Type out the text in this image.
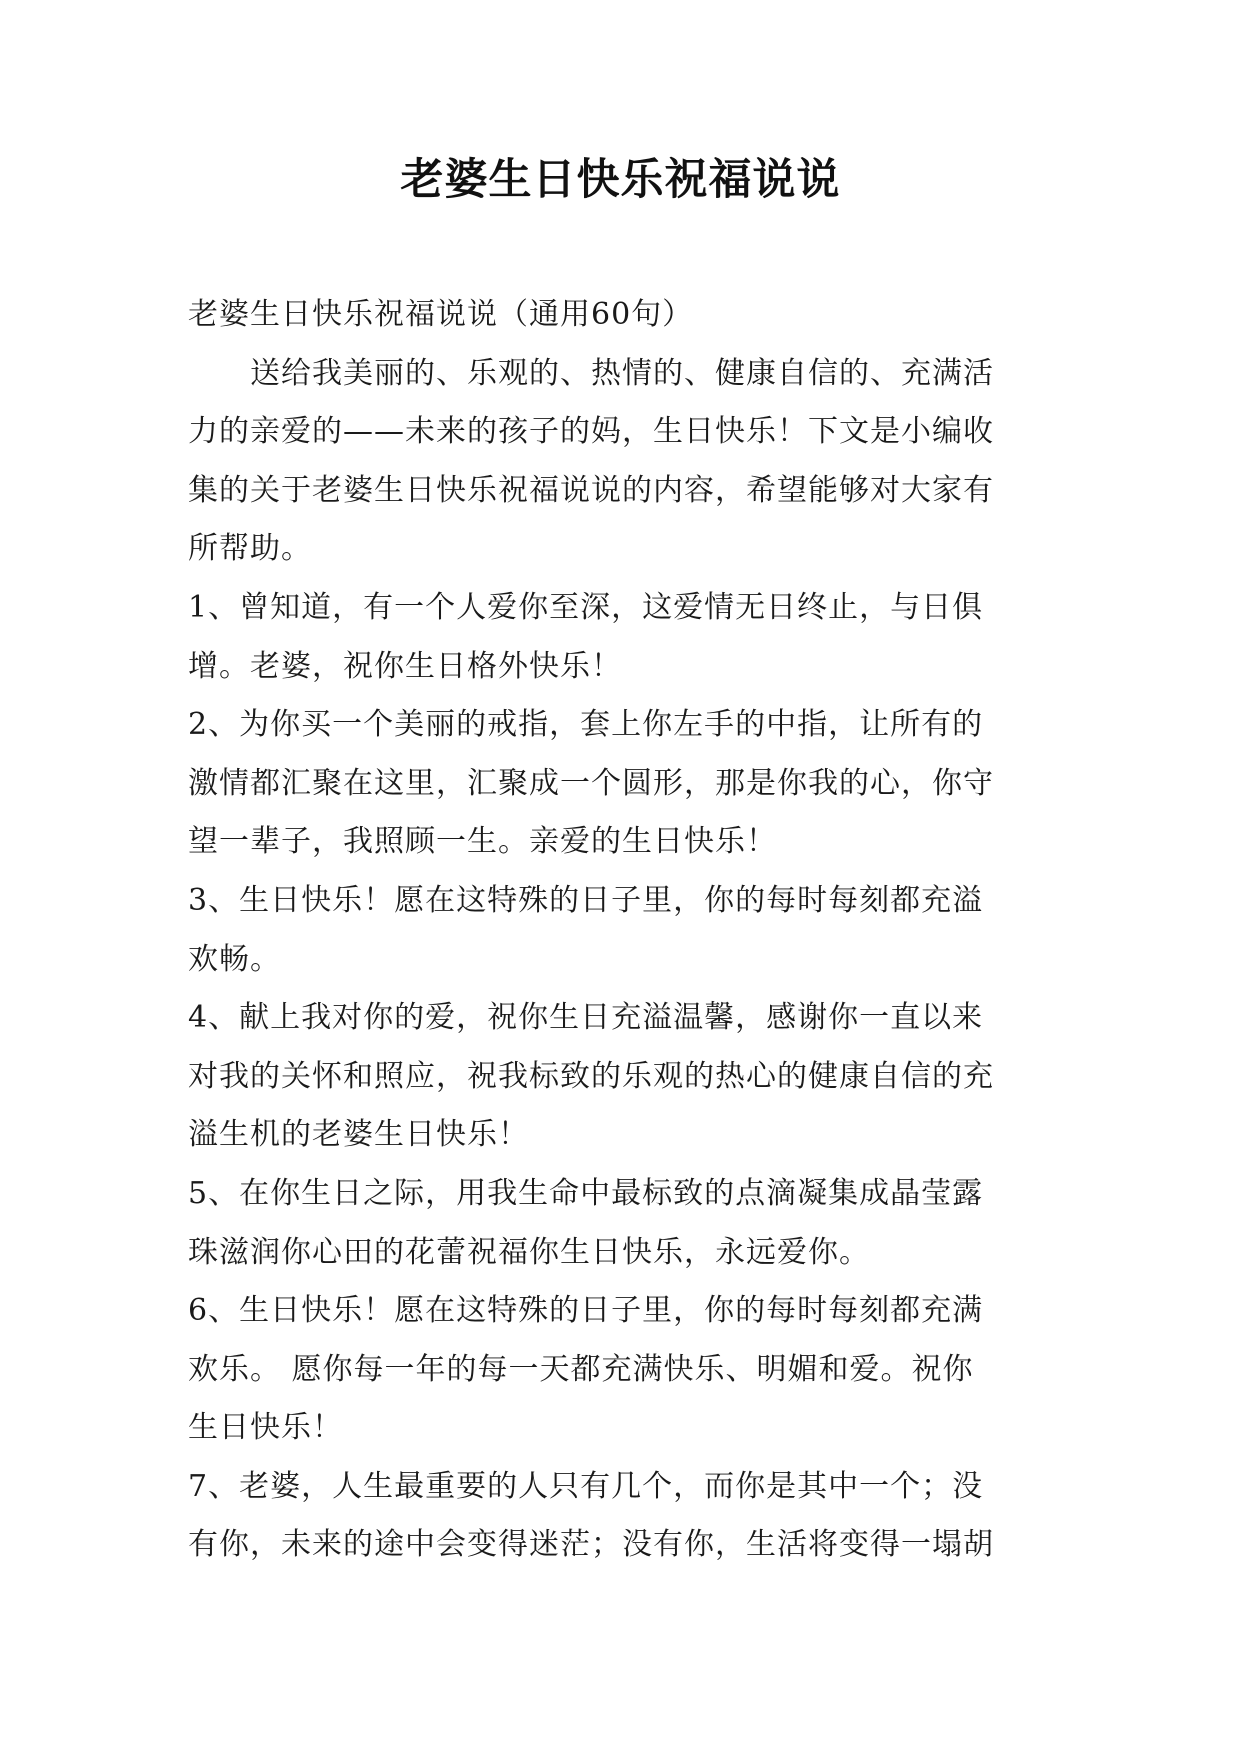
老婆生日快乐祝福说说
老婆生日快乐祝福说说（通用60句）
　　送给我美丽的、乐观的、热情的、健康自信的、充满活
力的亲爱的——未来的孩子的妈，生日快乐！下文是小编收
集的关于老婆生日快乐祝福说说的内容，希望能够对大家有
所帮助。
1、曾知道，有一个人爱你至深，这爱情无日终止，与日俱
增。老婆，祝你生日格外快乐！
2、为你买一个美丽的戒指，套上你左手的中指，让所有的
激情都汇聚在这里，汇聚成一个圆形，那是你我的心，你守
望一辈子，我照顾一生。亲爱的生日快乐！
3、生日快乐！愿在这特殊的日子里，你的每时每刻都充溢
欢畅。
4、献上我对你的爱，祝你生日充溢温馨，感谢你一直以来
对我的关怀和照应，祝我标致的乐观的热心的健康自信的充
溢生机的老婆生日快乐！
5、在你生日之际，用我生命中最标致的点滴凝集成晶莹露
珠滋润你心田的花蕾祝福你生日快乐，永远爱你。
6、生日快乐！愿在这特殊的日子里，你的每时每刻都充满
欢乐。 愿你每一年的每一天都充满快乐、明媚和爱。祝你
生日快乐！
7、老婆，人生最重要的人只有几个，而你是其中一个；没
有你，未来的途中会变得迷茫；没有你，生活将变得一塌胡
